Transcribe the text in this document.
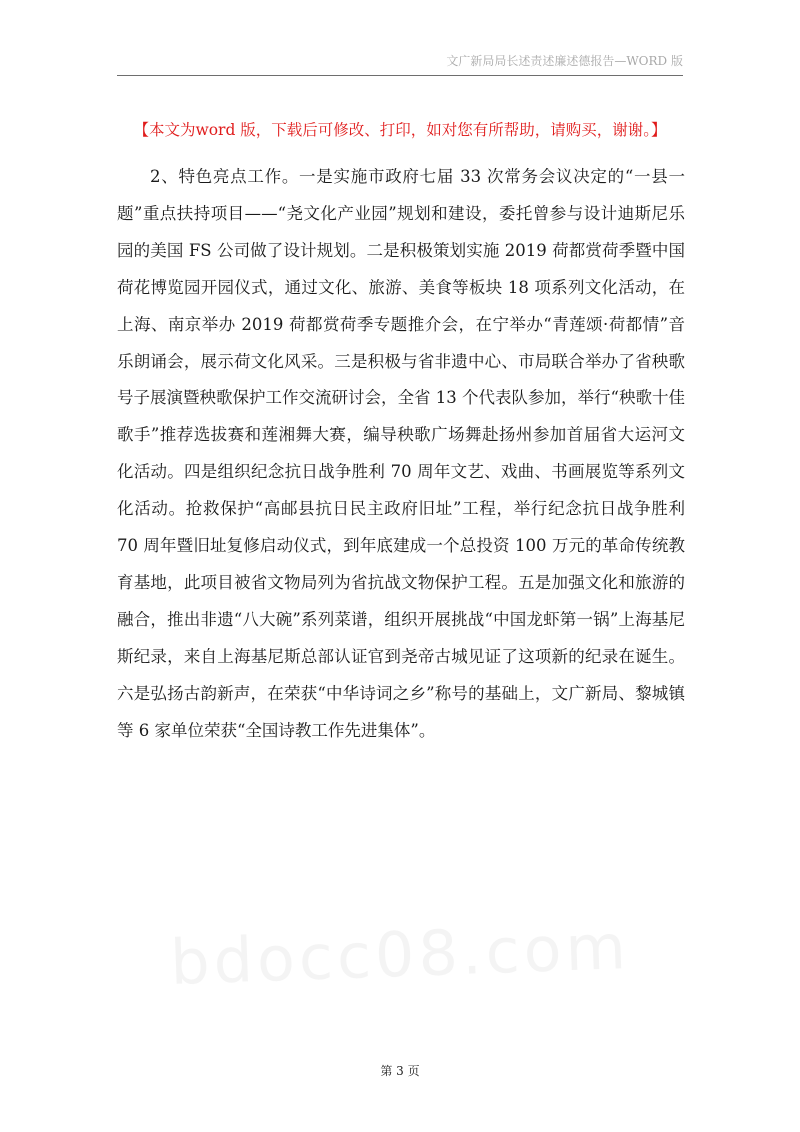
文广新局局长述责述廉述德报告—WORD 版
【本文为word 版，下载后可修改、打印，如对您有所帮助，请购买，谢谢。】

2、特色亮点工作。一是实施市政府七届 33 次常务会议决定的“一县一题”重点扶持项目——“尧文化产业园”规划和建设，委托曾参与设计迪斯尼乐园的美国 FS 公司做了设计规划。二是积极策划实施 2019 荷都赏荷季暨中国荷花博览园开园仪式，通过文化、旅游、美食等板块 18 项系列文化活动，在上海、南京举办 2019 荷都赏荷季专题推介会，在宁举办“青莲颂·荷都情”音乐朗诵会，展示荷文化风采。三是积极与省非遗中心、市局联合举办了省秧歌号子展演暨秧歌保护工作交流研讨会，全省 13 个代表队参加，举行“秧歌十佳歌手”推荐选拔赛和莲湘舞大赛，编导秧歌广场舞赴扬州参加首届省大运河文化活动。四是组织纪念抗日战争胜利 70 周年文艺、戏曲、书画展览等系列文化活动。抢救保护“高邮县抗日民主政府旧址”工程，举行纪念抗日战争胜利 70 周年暨旧址复修启动仪式，到年底建成一个总投资 100 万元的革命传统教育基地，此项目被省文物局列为省抗战文物保护工程。五是加强文化和旅游的融合，推出非遗“八大碗”系列菜谱，组织开展挑战“中国龙虾第一锅”上海基尼斯纪录，来自上海基尼斯总部认证官到尧帝古城见证了这项新的纪录在诞生。六是弘扬古韵新声，在荣获“中华诗词之乡”称号的基础上，文广新局、黎城镇等 6 家单位荣获“全国诗教工作先进集体”。

第 3 页
